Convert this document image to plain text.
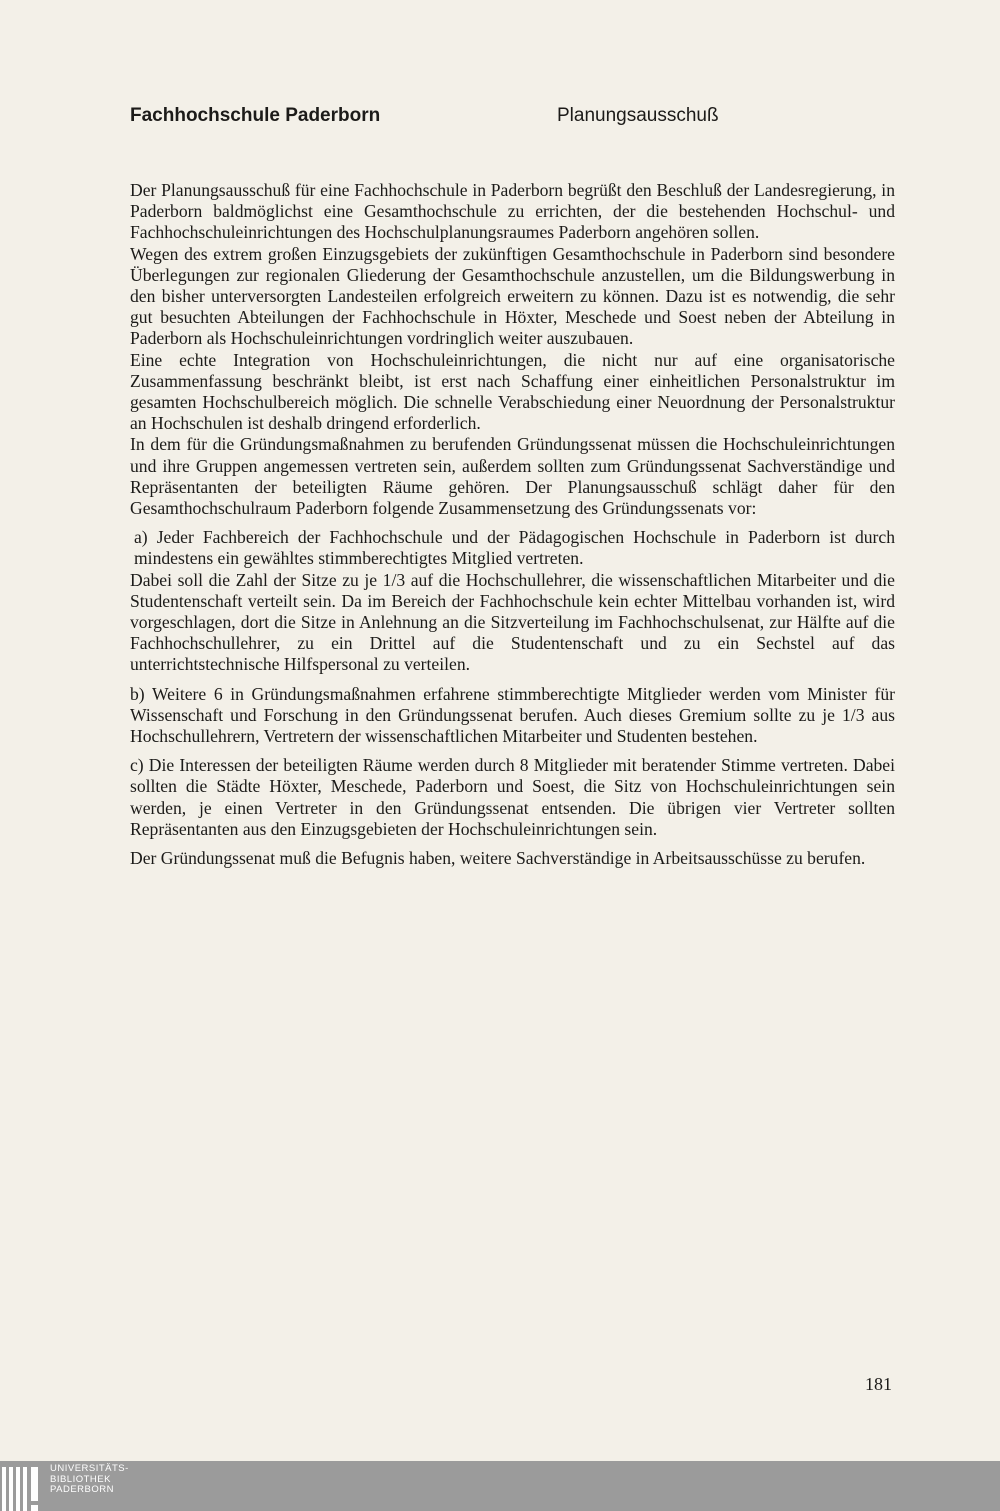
Fachhochschule Paderborn	Planungsausschuß

Der Planungsausschuß für eine Fachhochschule in Paderborn begrüßt den Beschluß der Landesregierung, in Paderborn baldmöglichst eine Gesamthochschule zu errichten, der die bestehenden Hochschul- und Fachhochschuleinrichtungen des Hochschulplanungsraumes Paderborn angehören sollen.

Wegen des extrem großen Einzugsgebiets der zukünftigen Gesamthochschule in Paderborn sind besondere Überlegungen zur regionalen Gliederung der Gesamthochschule anzustellen, um die Bildungswerbung in den bisher unterversorgten Landesteilen erfolgreich erweitern zu können. Dazu ist es notwendig, die sehr gut besuchten Abteilungen der Fachhochschule in Höxter, Meschede und Soest neben der Abteilung in Paderborn als Hochschuleinrichtungen vordringlich weiter auszubauen.

Eine echte Integration von Hochschuleinrichtungen, die nicht nur auf eine organisatorische Zusammenfassung beschränkt bleibt, ist erst nach Schaffung einer einheitlichen Personalstruktur im gesamten Hochschulbereich möglich. Die schnelle Verabschiedung einer Neuordnung der Personalstruktur an Hochschulen ist deshalb dringend erforderlich.

In dem für die Gründungsmaßnahmen zu berufenden Gründungssenat müssen die Hochschuleinrichtungen und ihre Gruppen angemessen vertreten sein, außerdem sollten zum Gründungssenat Sachverständige und Repräsentanten der beteiligten Räume gehören. Der Planungsausschuß schlägt daher für den Gesamthochschulraum Paderborn folgende Zusammensetzung des Gründungssenats vor:

a) Jeder Fachbereich der Fachhochschule und der Pädagogischen Hochschule in Paderborn ist durch mindestens ein gewähltes stimmberechtigtes Mitglied vertreten.

Dabei soll die Zahl der Sitze zu je 1/3 auf die Hochschullehrer, die wissenschaftlichen Mitarbeiter und die Studentenschaft verteilt sein. Da im Bereich der Fachhochschule kein echter Mittelbau vorhanden ist, wird vorgeschlagen, dort die Sitze in Anlehnung an die Sitzverteilung im Fachhochschulsenat, zur Hälfte auf die Fachhochschullehrer, zu ein Drittel auf die Studentenschaft und zu ein Sechstel auf das unterrichtstechnische Hilfspersonal zu verteilen.

b) Weitere 6 in Gründungsmaßnahmen erfahrene stimmberechtigte Mitglieder werden vom Minister für Wissenschaft und Forschung in den Gründungssenat berufen. Auch dieses Gremium sollte zu je 1/3 aus Hochschullehrern, Vertretern der wissenschaftlichen Mitarbeiter und Studenten bestehen.

c) Die Interessen der beteiligten Räume werden durch 8 Mitglieder mit beratender Stimme vertreten. Dabei sollten die Städte Höxter, Meschede, Paderborn und Soest, die Sitz von Hochschuleinrichtungen sein werden, je einen Vertreter in den Gründungssenat entsenden. Die übrigen vier Vertreter sollten Repräsentanten aus den Einzugsgebieten der Hochschuleinrichtungen sein.

Der Gründungssenat muß die Befugnis haben, weitere Sachverständige in Arbeitsausschüsse zu berufen.

181
UNIVERSITÄTS-
BIBLIOTHEK
PADERBORN
